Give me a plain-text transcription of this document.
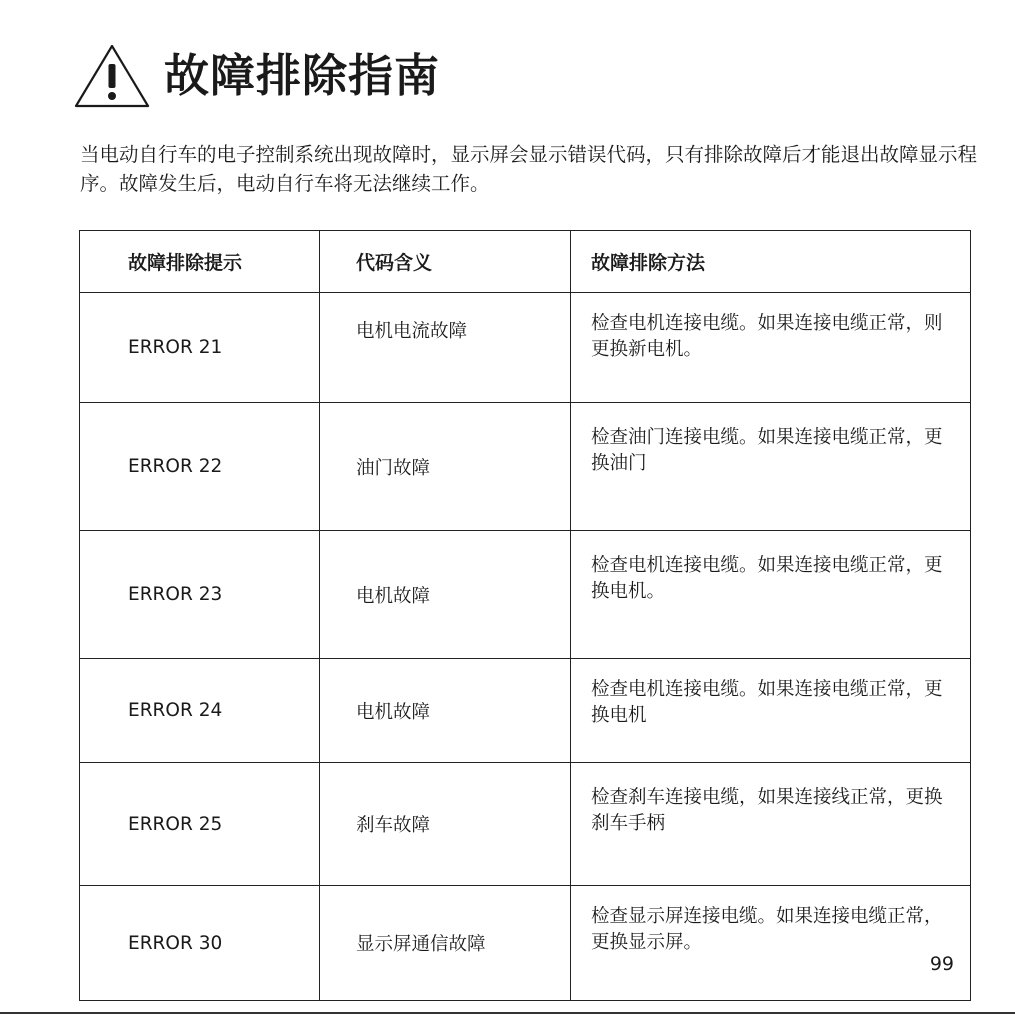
故障排除指南

当电动自行车的电子控制系统出现故障时，显示屏会显示错误代码，只有排除故障后才能退出故障显示程序。故障发生后，电动自行车将无法继续工作。

故障排除提示	代码含义	故障排除方法
ERROR 21	电机电流故障	检查电机连接电缆。如果连接电缆正常，则更换新电机。
ERROR 22	油门故障	检查油门连接电缆。如果连接电缆正常，更换油门
ERROR 23	电机故障	检查电机连接电缆。如果连接电缆正常，更换电机。
ERROR 24	电机故障	检查电机连接电缆。如果连接电缆正常，更换电机
ERROR 25	刹车故障	检查刹车连接电缆，如果连接线正常，更换刹车手柄
ERROR 30	显示屏通信故障	检查显示屏连接电缆。如果连接电缆正常，更换显示屏。
99
